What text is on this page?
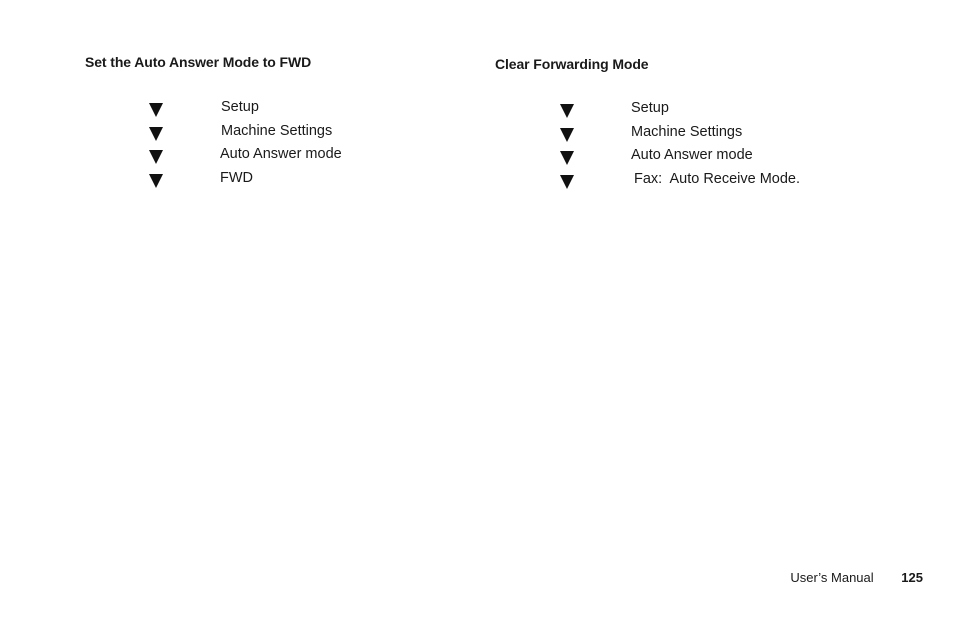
Set the Auto Answer Mode to FWD
Setup
Machine Settings
Auto Answer mode
FWD
Clear Forwarding Mode
Setup
Machine Settings
Auto Answer mode
Fax:  Auto Receive Mode.
User’s Manual 125
